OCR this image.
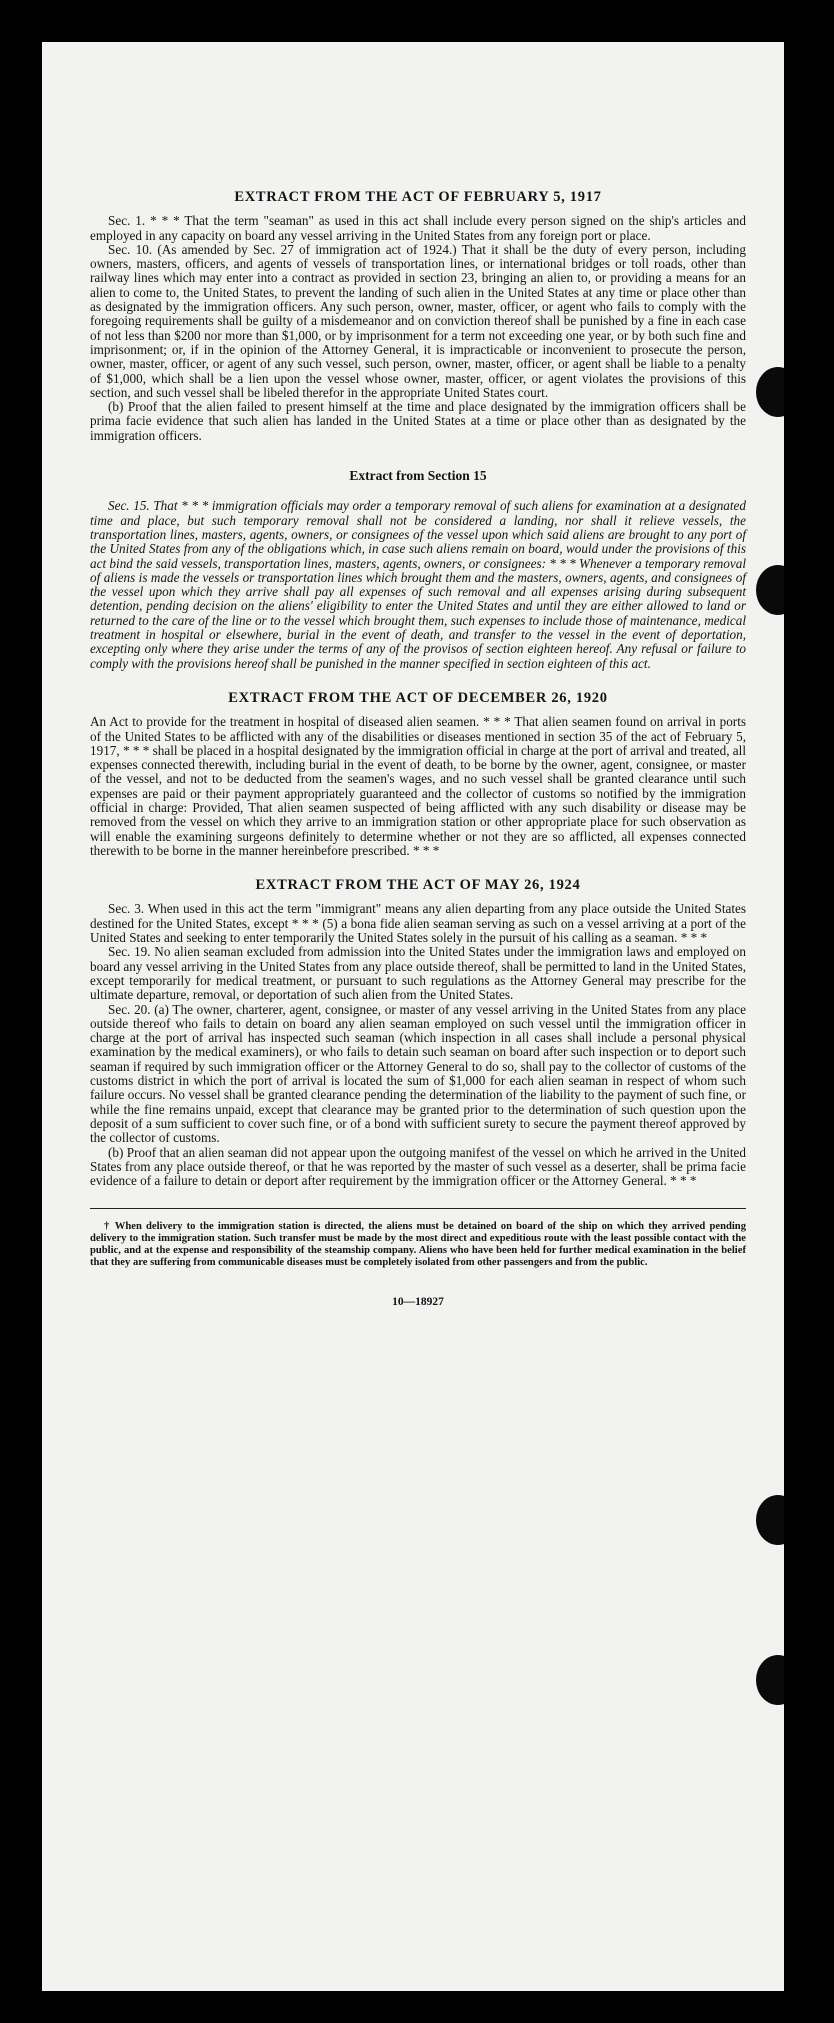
EXTRACT FROM THE ACT OF FEBRUARY 5, 1917

Sec. 1. * * * That the term "seaman" as used in this act shall include every person signed on the ship's articles and employed in any capacity on board any vessel arriving in the United States from any foreign port or place.

Sec. 10. (As amended by Sec. 27 of immigration act of 1924.) That it shall be the duty of every person, including owners, masters, officers, and agents of vessels of transportation lines, or international bridges or toll roads, other than railway lines which may enter into a contract as provided in section 23, bringing an alien to, or providing a means for an alien to come to, the United States, to prevent the landing of such alien in the United States at any time or place other than as designated by the immigration officers. Any such person, owner, master, officer, or agent who fails to comply with the foregoing requirements shall be guilty of a misdemeanor and on conviction thereof shall be punished by a fine in each case of not less than $200 nor more than $1,000, or by imprisonment for a term not exceeding one year, or by both such fine and imprisonment; or, if in the opinion of the Attorney General, it is impracticable or inconvenient to prosecute the person, owner, master, officer, or agent of any such vessel, such person, owner, master, officer, or agent shall be liable to a penalty of $1,000, which shall be a lien upon the vessel whose owner, master, officer, or agent violates the provisions of this section, and such vessel shall be libeled therefor in the appropriate United States court.

(b) Proof that the alien failed to present himself at the time and place designated by the immigration officers shall be prima facie evidence that such alien has landed in the United States at a time or place other than as designated by the immigration officers.

Extract from Section 15

Sec. 15. That * * * immigration officials may order a temporary removal of such aliens for examination at a designated time and place, but such temporary removal shall not be considered a landing, nor shall it relieve vessels, the transportation lines, masters, agents, owners, or consignees of the vessel upon which said aliens are brought to any port of the United States from any of the obligations which, in case such aliens remain on board, would under the provisions of this act bind the said vessels, transportation lines, masters, agents, owners, or consignees: * * * Whenever a temporary removal of aliens is made the vessels or transportation lines which brought them and the masters, owners, agents, and consignees of the vessel upon which they arrive shall pay all expenses of such removal and all expenses arising during subsequent detention, pending decision on the aliens' eligibility to enter the United States and until they are either allowed to land or returned to the care of the line or to the vessel which brought them, such expenses to include those of maintenance, medical treatment in hospital or elsewhere, burial in the event of death, and transfer to the vessel in the event of deportation, excepting only where they arise under the terms of any of the provisos of section eighteen hereof. Any refusal or failure to comply with the provisions hereof shall be punished in the manner specified in section eighteen of this act.

EXTRACT FROM THE ACT OF DECEMBER 26, 1920

An Act to provide for the treatment in hospital of diseased alien seamen. * * * That alien seamen found on arrival in ports of the United States to be afflicted with any of the disabilities or diseases mentioned in section 35 of the act of February 5, 1917, * * * shall be placed in a hospital designated by the immigration official in charge at the port of arrival and treated, all expenses connected therewith, including burial in the event of death, to be borne by the owner, agent, consignee, or master of the vessel, and not to be deducted from the seamen's wages, and no such vessel shall be granted clearance until such expenses are paid or their payment appropriately guaranteed and the collector of customs so notified by the immigration official in charge: Provided, That alien seamen suspected of being afflicted with any such disability or disease may be removed from the vessel on which they arrive to an immigration station or other appropriate place for such observation as will enable the examining surgeons definitely to determine whether or not they are so afflicted, all expenses connected therewith to be borne in the manner hereinbefore prescribed. * * *

EXTRACT FROM THE ACT OF MAY 26, 1924

Sec. 3. When used in this act the term "immigrant" means any alien departing from any place outside the United States destined for the United States, except * * * (5) a bona fide alien seaman serving as such on a vessel arriving at a port of the United States and seeking to enter temporarily the United States solely in the pursuit of his calling as a seaman. * * *

Sec. 19. No alien seaman excluded from admission into the United States under the immigration laws and employed on board any vessel arriving in the United States from any place outside thereof, shall be permitted to land in the United States, except temporarily for medical treatment, or pursuant to such regulations as the Attorney General may prescribe for the ultimate departure, removal, or deportation of such alien from the United States.

Sec. 20. (a) The owner, charterer, agent, consignee, or master of any vessel arriving in the United States from any place outside thereof who fails to detain on board any alien seaman employed on such vessel until the immigration officer in charge at the port of arrival has inspected such seaman (which inspection in all cases shall include a personal physical examination by the medical examiners), or who fails to detain such seaman on board after such inspection or to deport such seaman if required by such immigration officer or the Attorney General to do so, shall pay to the collector of customs of the customs district in which the port of arrival is located the sum of $1,000 for each alien seaman in respect of whom such failure occurs. No vessel shall be granted clearance pending the determination of the liability to the payment of such fine, or while the fine remains unpaid, except that clearance may be granted prior to the determination of such question upon the deposit of a sum sufficient to cover such fine, or of a bond with sufficient surety to secure the payment thereof approved by the collector of customs.

(b) Proof that an alien seaman did not appear upon the outgoing manifest of the vessel on which he arrived in the United States from any place outside thereof, or that he was reported by the master of such vessel as a deserter, shall be prima facie evidence of a failure to detain or deport after requirement by the immigration officer or the Attorney General. * * *

† When delivery to the immigration station is directed, the aliens must be detained on board of the ship on which they arrived pending delivery to the immigration station. Such transfer must be made by the most direct and expeditious route with the least possible contact with the public, and at the expense and responsibility of the steamship company. Aliens who have been held for further medical examination in the belief that they are suffering from communicable diseases must be completely isolated from other passengers and from the public.

10—18927
